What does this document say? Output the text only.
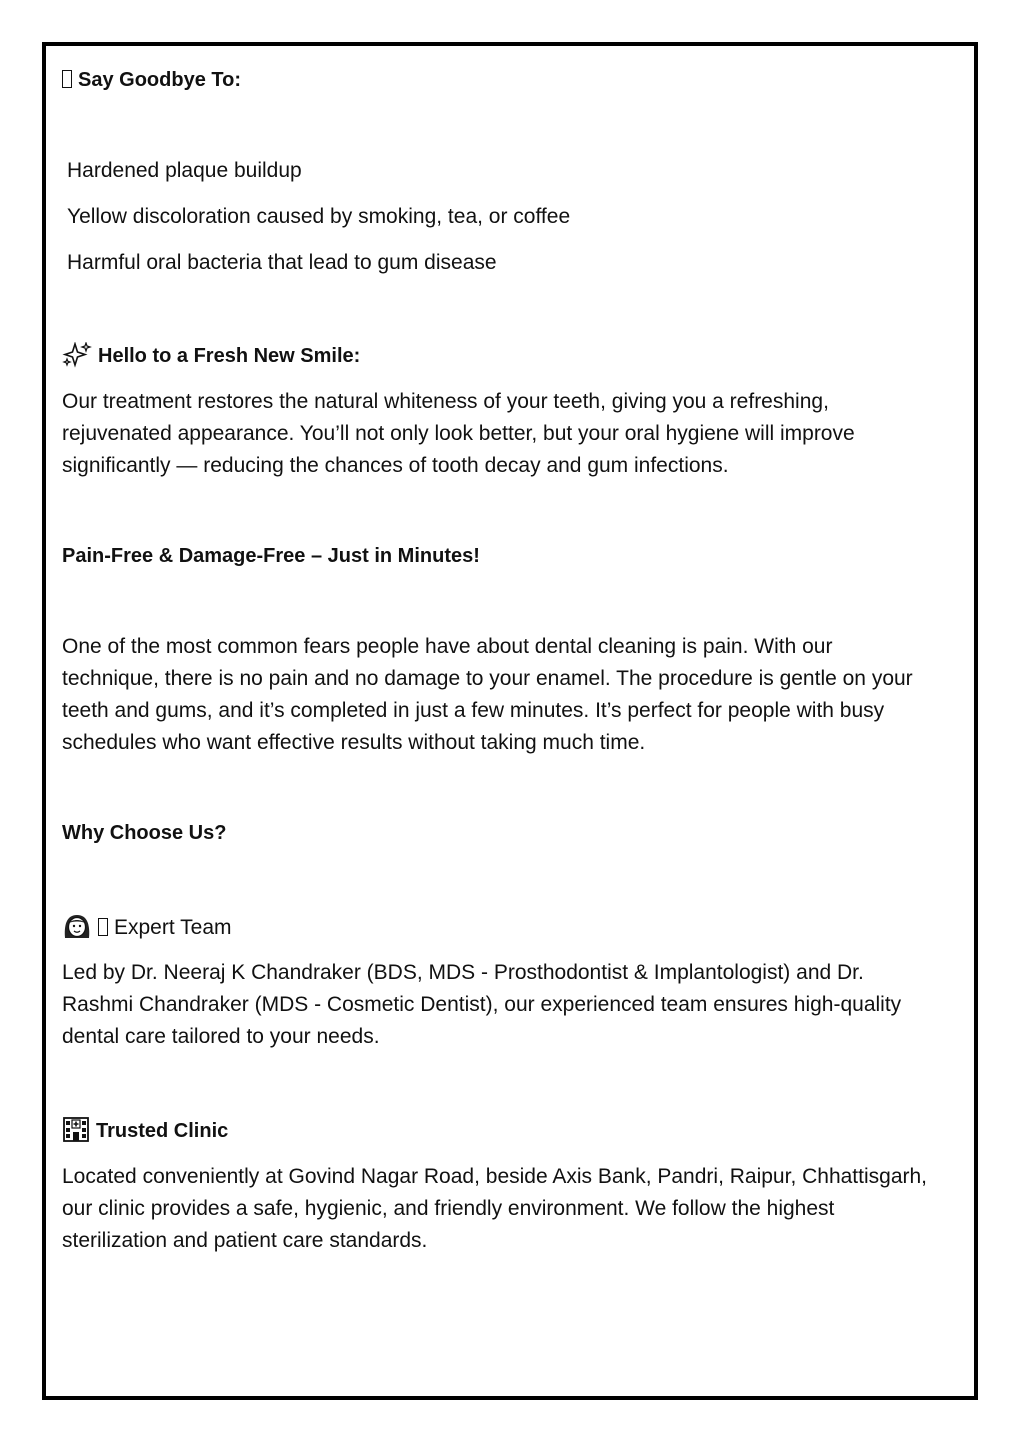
Say Goodbye To:
Hardened plaque buildup
Yellow discoloration caused by smoking, tea, or coffee
Harmful oral bacteria that lead to gum disease
Hello to a Fresh New Smile:

Our treatment restores the natural whiteness of your teeth, giving you a refreshing,

rejuvenated appearance. You’ll not only look better, but your oral hygiene will improve

significantly — reducing the chances of tooth decay and gum infections.

Pain-Free & Damage-Free – Just in Minutes!

One of the most common fears people have about dental cleaning is pain. With our

technique, there is no pain and no damage to your enamel. The procedure is gentle on your

teeth and gums, and it’s completed in just a few minutes. It’s perfect for people with busy

schedules who want effective results without taking much time.

Why Choose Us?
Expert Team

Led by Dr. Neeraj K Chandraker (BDS, MDS - Prosthodontist & Implantologist) and Dr.

Rashmi Chandraker (MDS - Cosmetic Dentist), our experienced team ensures high-quality

dental care tailored to your needs.

Trusted Clinic

Located conveniently at Govind Nagar Road, beside Axis Bank, Pandri, Raipur, Chhattisgarh,

our clinic provides a safe, hygienic, and friendly environment. We follow the highest

sterilization and patient care standards.
